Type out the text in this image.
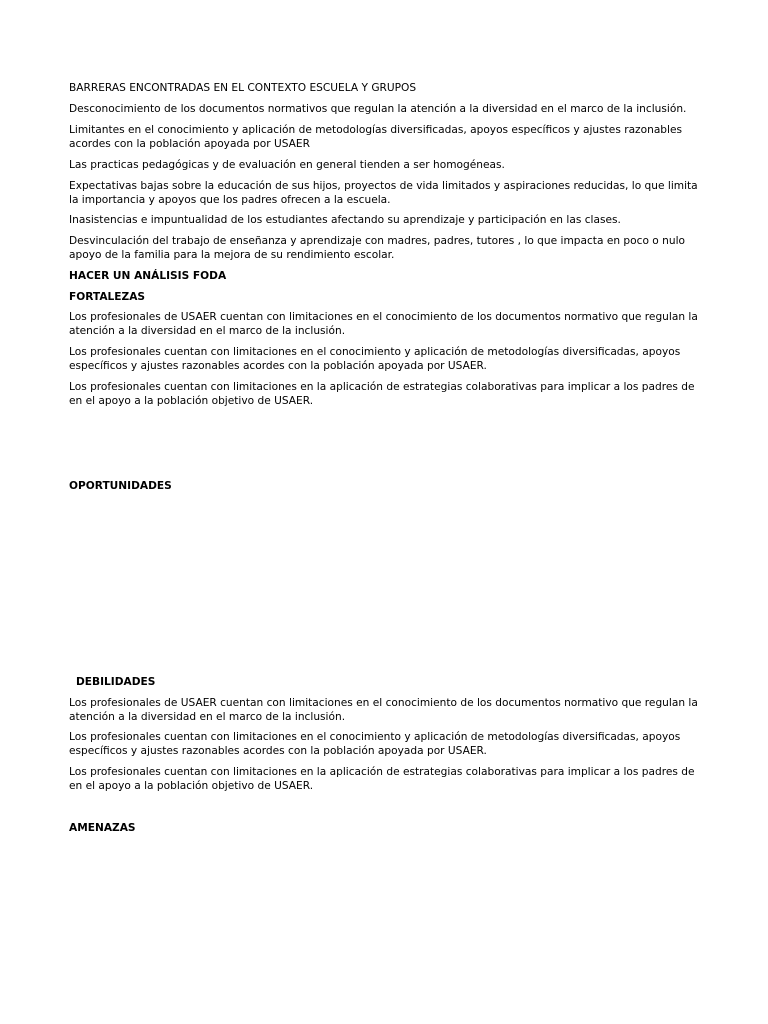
BARRERAS ENCONTRADAS EN EL CONTEXTO ESCUELA Y GRUPOS

Desconocimiento de los documentos normativos que regulan la atención a la diversidad en el marco de la inclusión.

Limitantes en el conocimiento y aplicación de metodologías diversificadas, apoyos específicos y ajustes razonables acordes con la población apoyada por USAER

Las practicas pedagógicas y de evaluación en general tienden a ser homogéneas.

Expectativas bajas sobre la educación de sus hijos, proyectos de vida limitados y aspiraciones reducidas, lo que limita la importancia y apoyos que los padres ofrecen a la escuela.

Inasistencias e impuntualidad de los estudiantes afectando su aprendizaje y participación en las clases.

Desvinculación del trabajo de enseñanza y aprendizaje con madres, padres, tutores , lo que impacta en poco o nulo apoyo de la familia para la mejora de su rendimiento escolar.

HACER UN ANÁLISIS FODA

FORTALEZAS

Los profesionales de USAER cuentan con limitaciones en el conocimiento de los documentos normativo que regulan la atención a la diversidad en el marco de la inclusión.

Los profesionales cuentan con limitaciones en el conocimiento y aplicación de metodologías diversificadas, apoyos específicos y ajustes razonables acordes con la población apoyada por USAER.

Los profesionales cuentan con limitaciones en la aplicación de estrategias colaborativas para implicar a los padres de en el apoyo a la población objetivo de USAER.

OPORTUNIDADES

DEBILIDADES

Los profesionales de USAER cuentan con limitaciones en el conocimiento de los documentos normativo que regulan la atención a la diversidad en el marco de la inclusión.

Los profesionales cuentan con limitaciones en el conocimiento y aplicación de metodologías diversificadas, apoyos específicos y ajustes razonables acordes con la población apoyada por USAER.

Los profesionales cuentan con limitaciones en la aplicación de estrategias colaborativas para implicar a los padres de en el apoyo a la población objetivo de USAER.

AMENAZAS
